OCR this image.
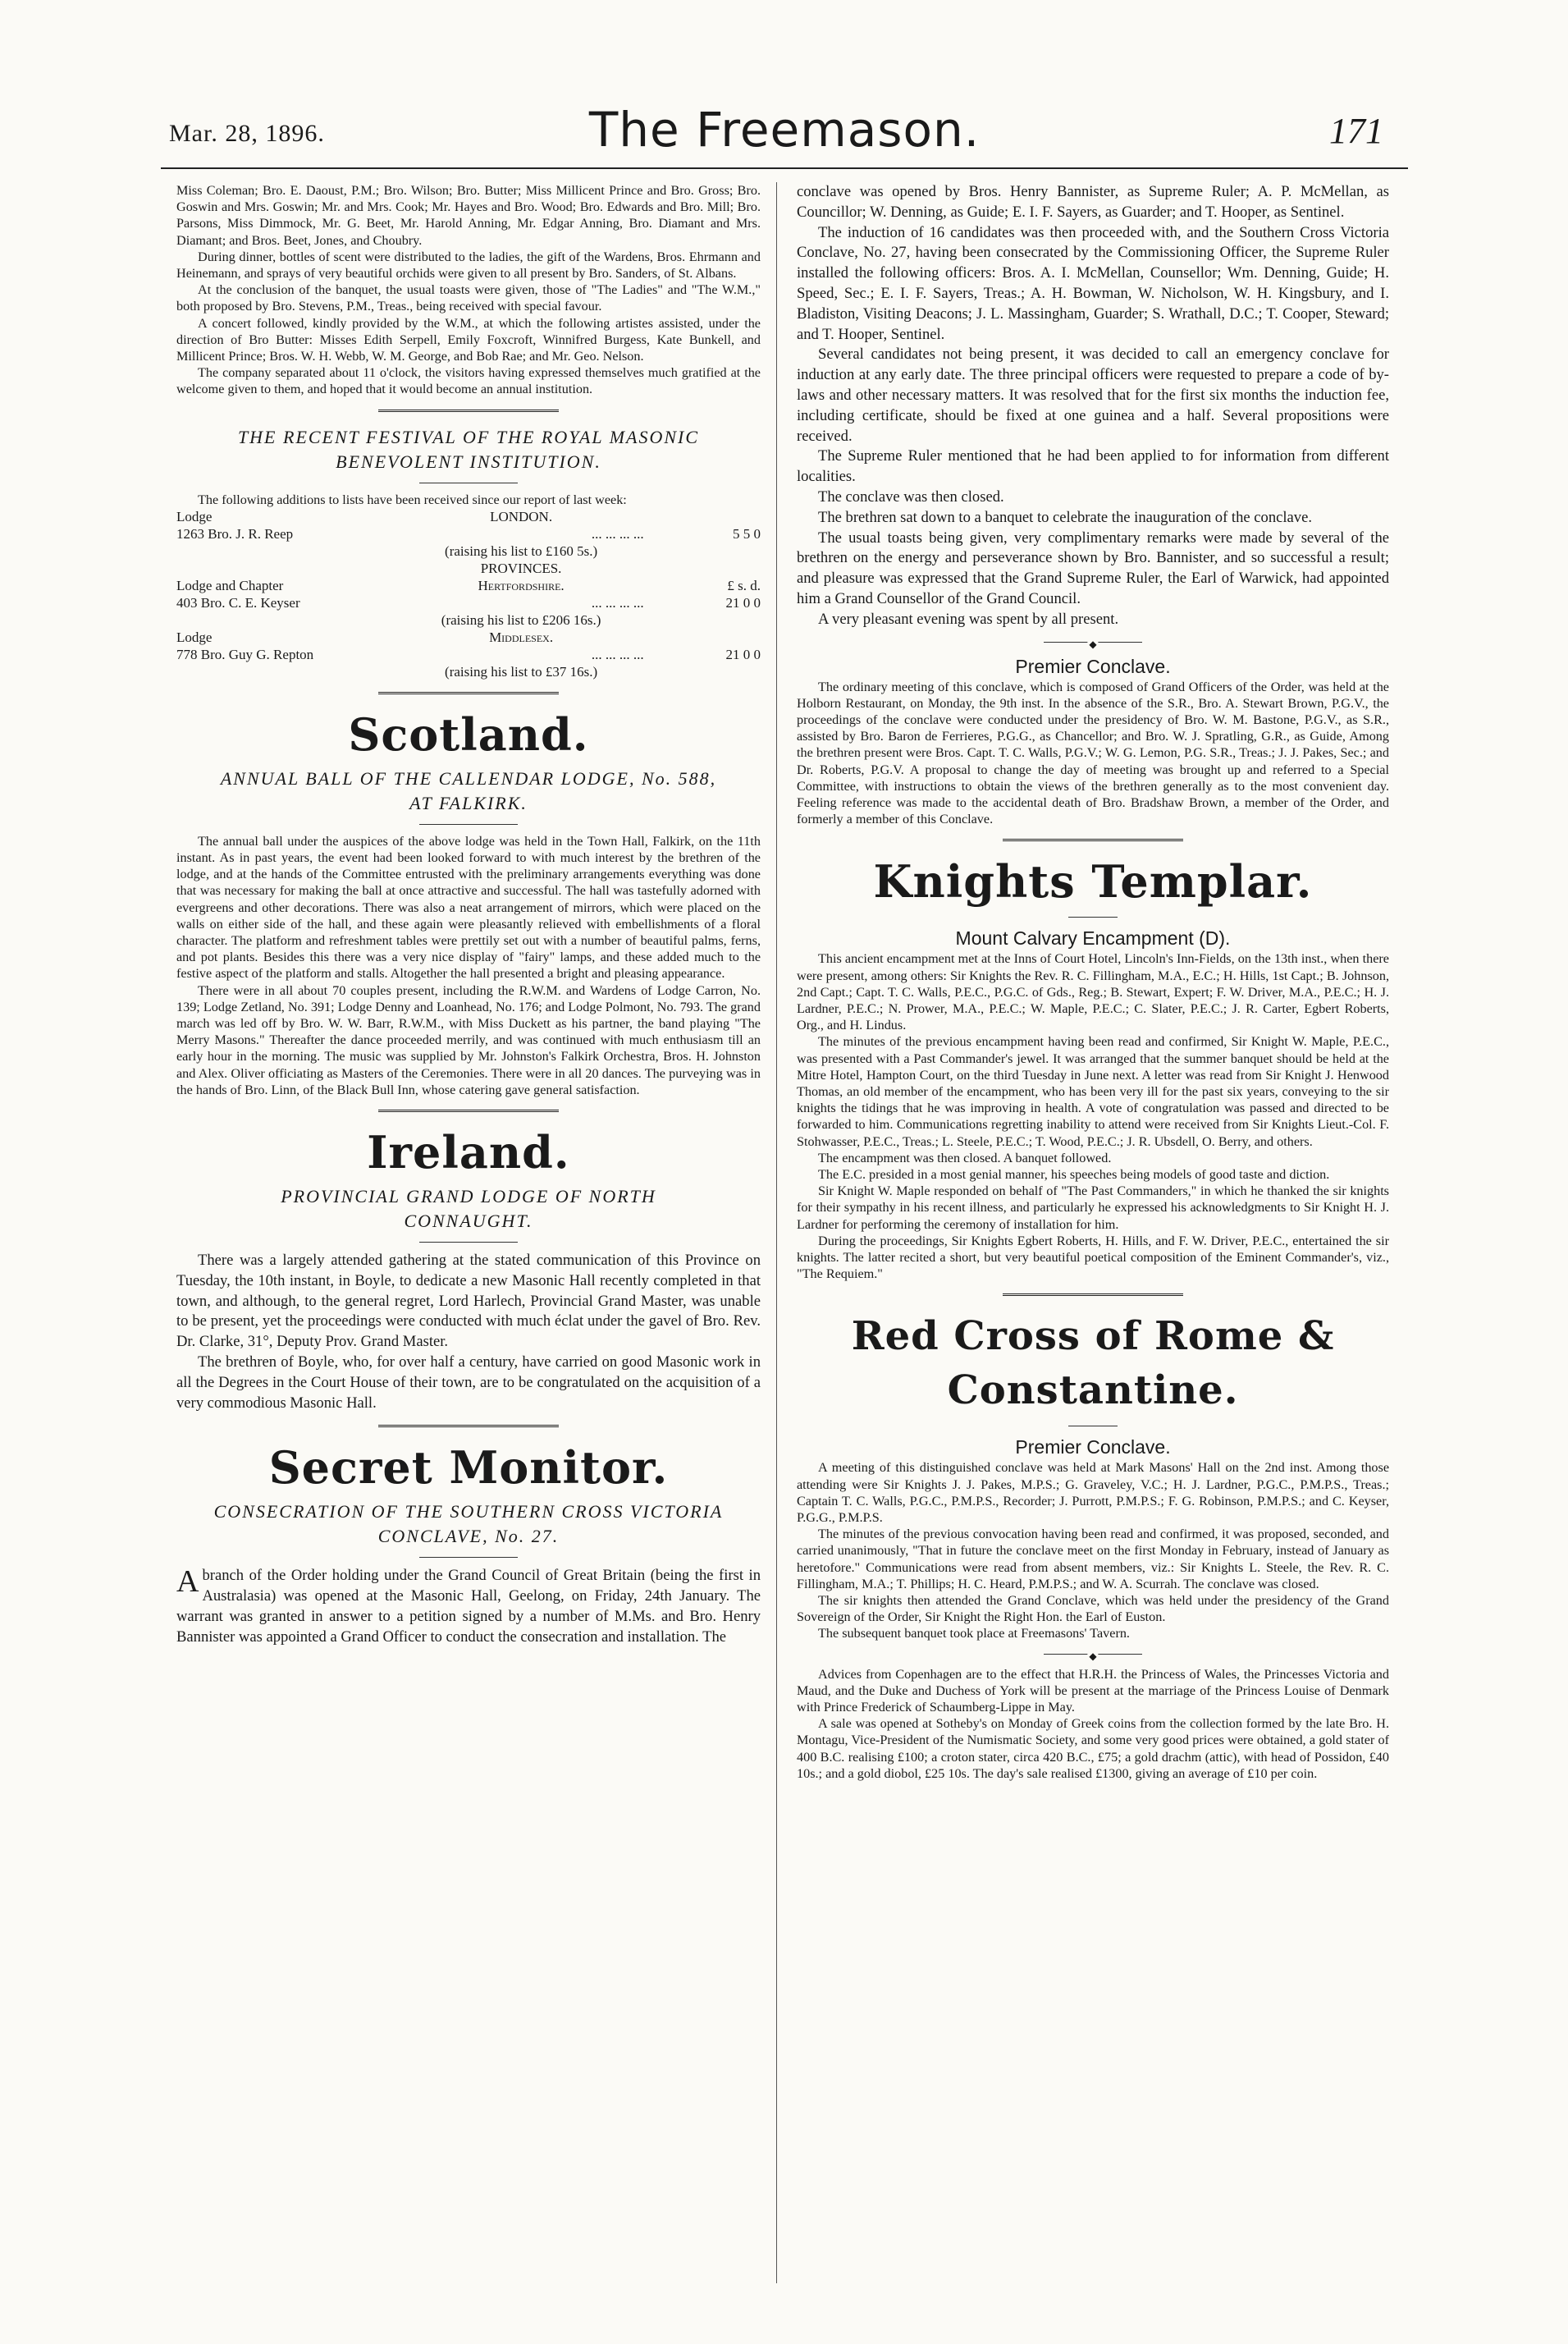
Mar. 28, 1896.	The Freemason.	171

Miss Coleman; Bro. E. Daoust, P.M.; Bro. Wilson; Bro. Butter; Miss Millicent Prince and Bro. Gross; Bro. Goswin and Mrs. Goswin; Mr. and Mrs. Cook; Mr. Hayes and Bro. Wood; Bro. Edwards and Bro. Mill; Bro. Parsons, Miss Dimmock, Mr. G. Beet, Mr. Harold Anning, Mr. Edgar Anning, Bro. Diamant and Mrs. Diamant; and Bros. Beet, Jones, and Choubry.

During dinner, bottles of scent were distributed to the ladies, the gift of the Wardens, Bros. Ehrmann and Heinemann, and sprays of very beautiful orchids were given to all present by Bro. Sanders, of St. Albans.

At the conclusion of the banquet, the usual toasts were given, those of "The Ladies" and "The W.M.," both proposed by Bro. Stevens, P.M., Treas., being received with special favour.

A concert followed, kindly provided by the W.M., at which the following artistes assisted, under the direction of Bro Butter: Misses Edith Serpell, Emily Foxcroft, Winnifred Burgess, Kate Bunkell, and Millicent Prince; Bros. W. H. Webb, W. M. George, and Bob Rae; and Mr. Geo. Nelson.

The company separated about 11 o'clock, the visitors having expressed themselves much gratified at the welcome given to them, and hoped that it would become an annual institution.

THE RECENT FESTIVAL OF THE ROYAL MASONIC BENEVOLENT INSTITUTION.

The following additions to lists have been received since our report of last week:

Lodge	LONDON.	
1263 Bro. J. R. Reep	... ... ... ...	5 5 0
	(raising his list to £160 5s.)	
	PROVINCES.	
Lodge and Chapter	Hertfordshire.	£ s. d.
403 Bro. C. E. Keyser	... ... ... ...	21 0 0
	(raising his list to £206 16s.)	
Lodge	Middlesex.	
778 Bro. Guy G. Repton	... ... ... ...	21 0 0
	(raising his list to £37 16s.)	
Scotland.
ANNUAL BALL OF THE CALLENDAR LODGE, No. 588, AT FALKIRK.

The annual ball under the auspices of the above lodge was held in the Town Hall, Falkirk, on the 11th instant. As in past years, the event had been looked forward to with much interest by the brethren of the lodge, and at the hands of the Committee entrusted with the preliminary arrangements everything was done that was necessary for making the ball at once attractive and successful. The hall was tastefully adorned with evergreens and other decorations. There was also a neat arrangement of mirrors, which were placed on the walls on either side of the hall, and these again were pleasantly relieved with embellishments of a floral character. The platform and refreshment tables were prettily set out with a number of beautiful palms, ferns, and pot plants. Besides this there was a very nice display of "fairy" lamps, and these added much to the festive aspect of the platform and stalls. Altogether the hall presented a bright and pleasing appearance.

There were in all about 70 couples present, including the R.W.M. and Wardens of Lodge Carron, No. 139; Lodge Zetland, No. 391; Lodge Denny and Loanhead, No. 176; and Lodge Polmont, No. 793. The grand march was led off by Bro. W. W. Barr, R.W.M., with Miss Duckett as his partner, the band playing "The Merry Masons." Thereafter the dance proceeded merrily, and was continued with much enthusiasm till an early hour in the morning. The music was supplied by Mr. Johnston's Falkirk Orchestra, Bros. H. Johnston and Alex. Oliver officiating as Masters of the Ceremonies. There were in all 20 dances. The purveying was in the hands of Bro. Linn, of the Black Bull Inn, whose catering gave general satisfaction.

Ireland.
PROVINCIAL GRAND LODGE OF NORTH CONNAUGHT.

There was a largely attended gathering at the stated communication of this Province on Tuesday, the 10th instant, in Boyle, to dedicate a new Masonic Hall recently completed in that town, and although, to the general regret, Lord Harlech, Provincial Grand Master, was unable to be present, yet the proceedings were conducted with much éclat under the gavel of Bro. Rev. Dr. Clarke, 31°, Deputy Prov. Grand Master.

The brethren of Boyle, who, for over half a century, have carried on good Masonic work in all the Degrees in the Court House of their town, are to be congratulated on the acquisition of a very commodious Masonic Hall.

Secret Monitor.
CONSECRATION OF THE SOUTHERN CROSS VICTORIA CONCLAVE, No. 27.

Abranch of the Order holding under the Grand Council of Great Britain (being the first in Australasia) was opened at the Masonic Hall, Geelong, on Friday, 24th January. The warrant was granted in answer to a petition signed by a number of M.Ms. and Bro. Henry Bannister was appointed a Grand Officer to conduct the consecration and installation. The

conclave was opened by Bros. Henry Bannister, as Supreme Ruler; A. P. McMellan, as Councillor; W. Denning, as Guide; E. I. F. Sayers, as Guarder; and T. Hooper, as Sentinel.

The induction of 16 candidates was then proceeded with, and the Southern Cross Victoria Conclave, No. 27, having been consecrated by the Commissioning Officer, the Supreme Ruler installed the following officers: Bros. A. I. McMellan, Counsellor; Wm. Denning, Guide; H. Speed, Sec.; E. I. F. Sayers, Treas.; A. H. Bowman, W. Nicholson, W. H. Kingsbury, and I. Bladiston, Visiting Deacons; J. L. Massingham, Guarder; S. Wrathall, D.C.; T. Cooper, Steward; and T. Hooper, Sentinel.

Several candidates not being present, it was decided to call an emergency conclave for induction at any early date. The three principal officers were requested to prepare a code of by-laws and other necessary matters. It was resolved that for the first six months the induction fee, including certificate, should be fixed at one guinea and a half. Several propositions were received.

The Supreme Ruler mentioned that he had been applied to for information from different localities.

The conclave was then closed.

The brethren sat down to a banquet to celebrate the inauguration of the conclave.

The usual toasts being given, very complimentary remarks were made by several of the brethren on the energy and perseverance shown by Bro. Bannister, and so successful a result; and pleasure was expressed that the Grand Supreme Ruler, the Earl of Warwick, had appointed him a Grand Counsellor of the Grand Council.

A very pleasant evening was spent by all present.

◆
Premier Conclave.

The ordinary meeting of this conclave, which is composed of Grand Officers of the Order, was held at the Holborn Restaurant, on Monday, the 9th inst. In the absence of the S.R., Bro. A. Stewart Brown, P.G.V., the proceedings of the conclave were conducted under the presidency of Bro. W. M. Bastone, P.G.V., as S.R., assisted by Bro. Baron de Ferrieres, P.G.G., as Chancellor; and Bro. W. J. Spratling, G.R., as Guide, Among the brethren present were Bros. Capt. T. C. Walls, P.G.V.; W. G. Lemon, P.G. S.R., Treas.; J. J. Pakes, Sec.; and Dr. Roberts, P.G.V. A proposal to change the day of meeting was brought up and referred to a Special Committee, with instructions to obtain the views of the brethren generally as to the most convenient day. Feeling reference was made to the accidental death of Bro. Bradshaw Brown, a member of the Order, and formerly a member of this Conclave.

Knights Templar.
Mount Calvary Encampment (D).

This ancient encampment met at the Inns of Court Hotel, Lincoln's Inn-Fields, on the 13th inst., when there were present, among others: Sir Knights the Rev. R. C. Fillingham, M.A., E.C.; H. Hills, 1st Capt.; B. Johnson, 2nd Capt.; Capt. T. C. Walls, P.E.C., P.G.C. of Gds., Reg.; B. Stewart, Expert; F. W. Driver, M.A., P.E.C.; H. J. Lardner, P.E.C.; N. Prower, M.A., P.E.C.; W. Maple, P.E.C.; C. Slater, P.E.C.; J. R. Carter, Egbert Roberts, Org., and H. Lindus.

The minutes of the previous encampment having been read and confirmed, Sir Knight W. Maple, P.E.C., was presented with a Past Commander's jewel. It was arranged that the summer banquet should be held at the Mitre Hotel, Hampton Court, on the third Tuesday in June next. A letter was read from Sir Knight J. Henwood Thomas, an old member of the encampment, who has been very ill for the past six years, conveying to the sir knights the tidings that he was improving in health. A vote of congratulation was passed and directed to be forwarded to him. Communications regretting inability to attend were received from Sir Knights Lieut.-Col. F. Stohwasser, P.E.C., Treas.; L. Steele, P.E.C.; T. Wood, P.E.C.; J. R. Ubsdell, O. Berry, and others.

The encampment was then closed. A banquet followed.

The E.C. presided in a most genial manner, his speeches being models of good taste and diction.

Sir Knight W. Maple responded on behalf of "The Past Commanders," in which he thanked the sir knights for their sympathy in his recent illness, and particularly he expressed his acknowledgments to Sir Knight H. J. Lardner for performing the ceremony of installation for him.

During the proceedings, Sir Knights Egbert Roberts, H. Hills, and F. W. Driver, P.E.C., entertained the sir knights. The latter recited a short, but very beautiful poetical composition of the Eminent Commander's, viz., "The Requiem."

Red Cross of Rome & Constantine.
Premier Conclave.

A meeting of this distinguished conclave was held at Mark Masons' Hall on the 2nd inst. Among those attending were Sir Knights J. J. Pakes, M.P.S.; G. Graveley, V.C.; H. J. Lardner, P.G.C., P.M.P.S., Treas.; Captain T. C. Walls, P.G.C., P.M.P.S., Recorder; J. Purrott, P.M.P.S.; F. G. Robinson, P.M.P.S.; and C. Keyser, P.G.G., P.M.P.S.

The minutes of the previous convocation having been read and confirmed, it was proposed, seconded, and carried unanimously, "That in future the conclave meet on the first Monday in February, instead of January as heretofore." Communications were read from absent members, viz.: Sir Knights L. Steele, the Rev. R. C. Fillingham, M.A.; T. Phillips; H. C. Heard, P.M.P.S.; and W. A. Scurrah. The conclave was closed.

The sir knights then attended the Grand Conclave, which was held under the presidency of the Grand Sovereign of the Order, Sir Knight the Right Hon. the Earl of Euston.

The subsequent banquet took place at Freemasons' Tavern.

◆

Advices from Copenhagen are to the effect that H.R.H. the Princess of Wales, the Princesses Victoria and Maud, and the Duke and Duchess of York will be present at the marriage of the Princess Louise of Denmark with Prince Frederick of Schaumberg-Lippe in May.

A sale was opened at Sotheby's on Monday of Greek coins from the collection formed by the late Bro. H. Montagu, Vice-President of the Numismatic Society, and some very good prices were obtained, a gold stater of 400 B.C. realising £100; a croton stater, circa 420 B.C., £75; a gold drachm (attic), with head of Possidon, £40 10s.; and a gold diobol, £25 10s. The day's sale realised £1300, giving an average of £10 per coin.
